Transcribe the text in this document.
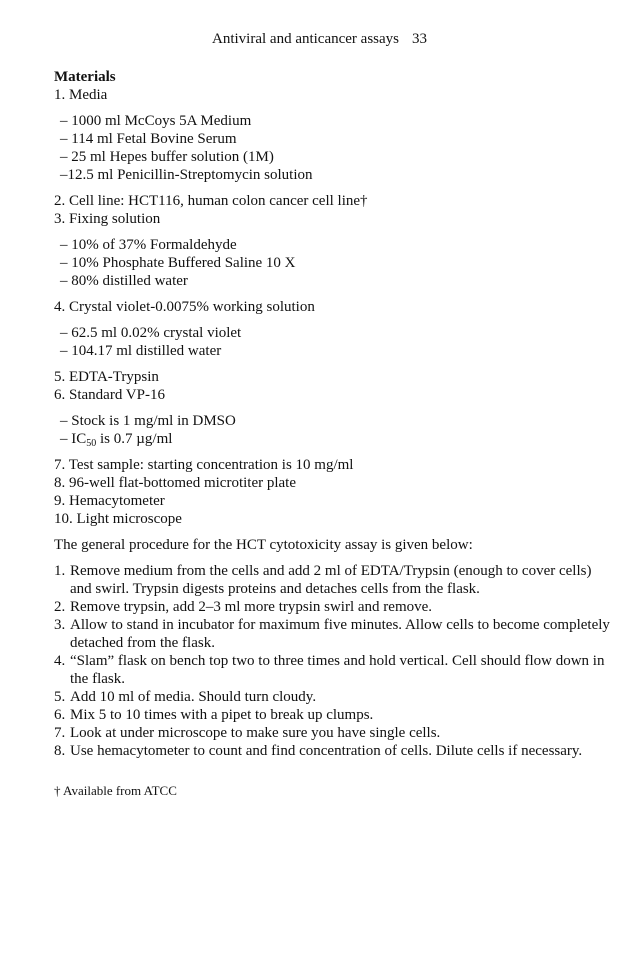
Antiviral and anticancer assays 33

Materials

1. Media

– 1000 ml McCoys 5A Medium

– 114 ml Fetal Bovine Serum

– 25 ml Hepes buffer solution (1M)

–12.5 ml Penicillin-Streptomycin solution

2. Cell line: HCT116, human colon cancer cell line†

3. Fixing solution

– 10% of 37% Formaldehyde

– 10% Phosphate Buffered Saline 10 X

– 80% distilled water

4. Crystal violet-0.0075% working solution

– 62.5 ml 0.02% crystal violet

– 104.17 ml distilled water

5. EDTA-Trypsin

6. Standard VP-16

– Stock is 1 mg/ml in DMSO

– $IC_{50}$ is 0.7 µg/ml

7. Test sample: starting concentration is 10 mg/ml

8. 96-well flat-bottomed microtiter plate

9. Hemacytometer

10. Light microscope

The general procedure for the HCT cytotoxicity assay is given below:

1. Remove medium from the cells and add 2 ml of EDTA/Trypsin (enough to cover cells) and swirl. Trypsin digests proteins and detaches cells from the flask.
2. Remove trypsin, add 2–3 ml more trypsin swirl and remove.
3. Allow to stand in incubator for maximum five minutes. Allow cells to become completely detached from the flask.
4. “Slam” flask on bench top two to three times and hold vertical. Cell should flow down in the flask.
5. Add 10 ml of media. Should turn cloudy.
6. Mix 5 to 10 times with a pipet to break up clumps.
7. Look at under microscope to make sure you have single cells.
8. Use hemacytometer to count and find concentration of cells. Dilute cells if necessary.

† Available from ATCC
